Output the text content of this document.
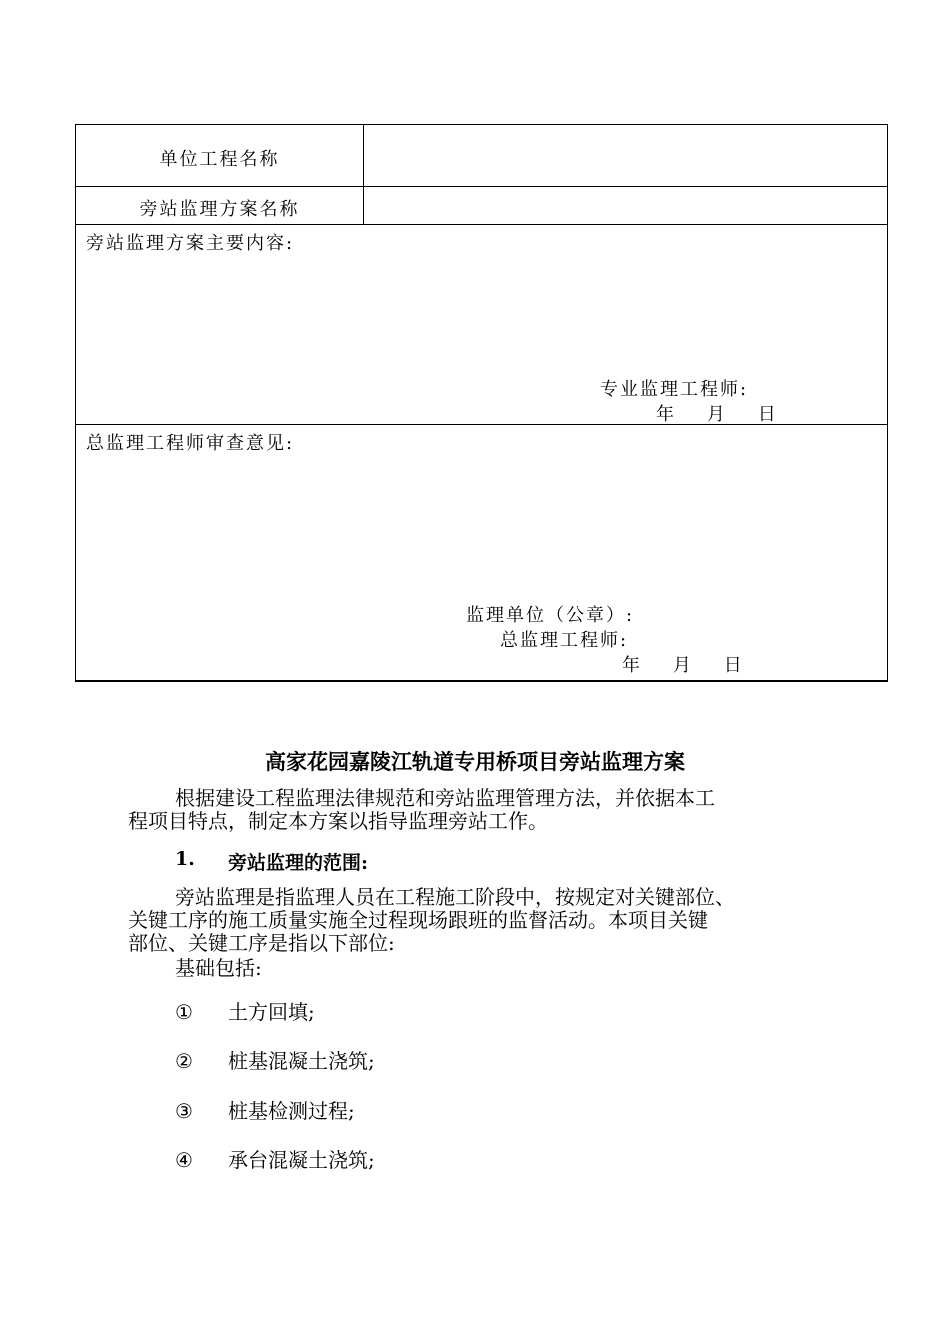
单位工程名称
旁站监理方案名称
旁站监理方案主要内容:
专业监理工程师:
年    月    日
总监理工程师审查意见:
监理单位（公章）:
总监理工程师:
年    月    日
高家花园嘉陵江轨道专用桥项目旁站监理方案
根据建设工程监理法律规范和旁站监理管理方法，并依据本工
程项目特点，制定本方案以指导监理旁站工作。
1. 旁站监理的范围:
旁站监理是指监理人员在工程施工阶段中，按规定对关键部位、
关键工序的施工质量实施全过程现场跟班的监督活动。本项目关键
部位、关键工序是指以下部位:
基础包括:
① 土方回填;
② 桩基混凝土浇筑;
③ 桩基检测过程;
④ 承台混凝土浇筑;
